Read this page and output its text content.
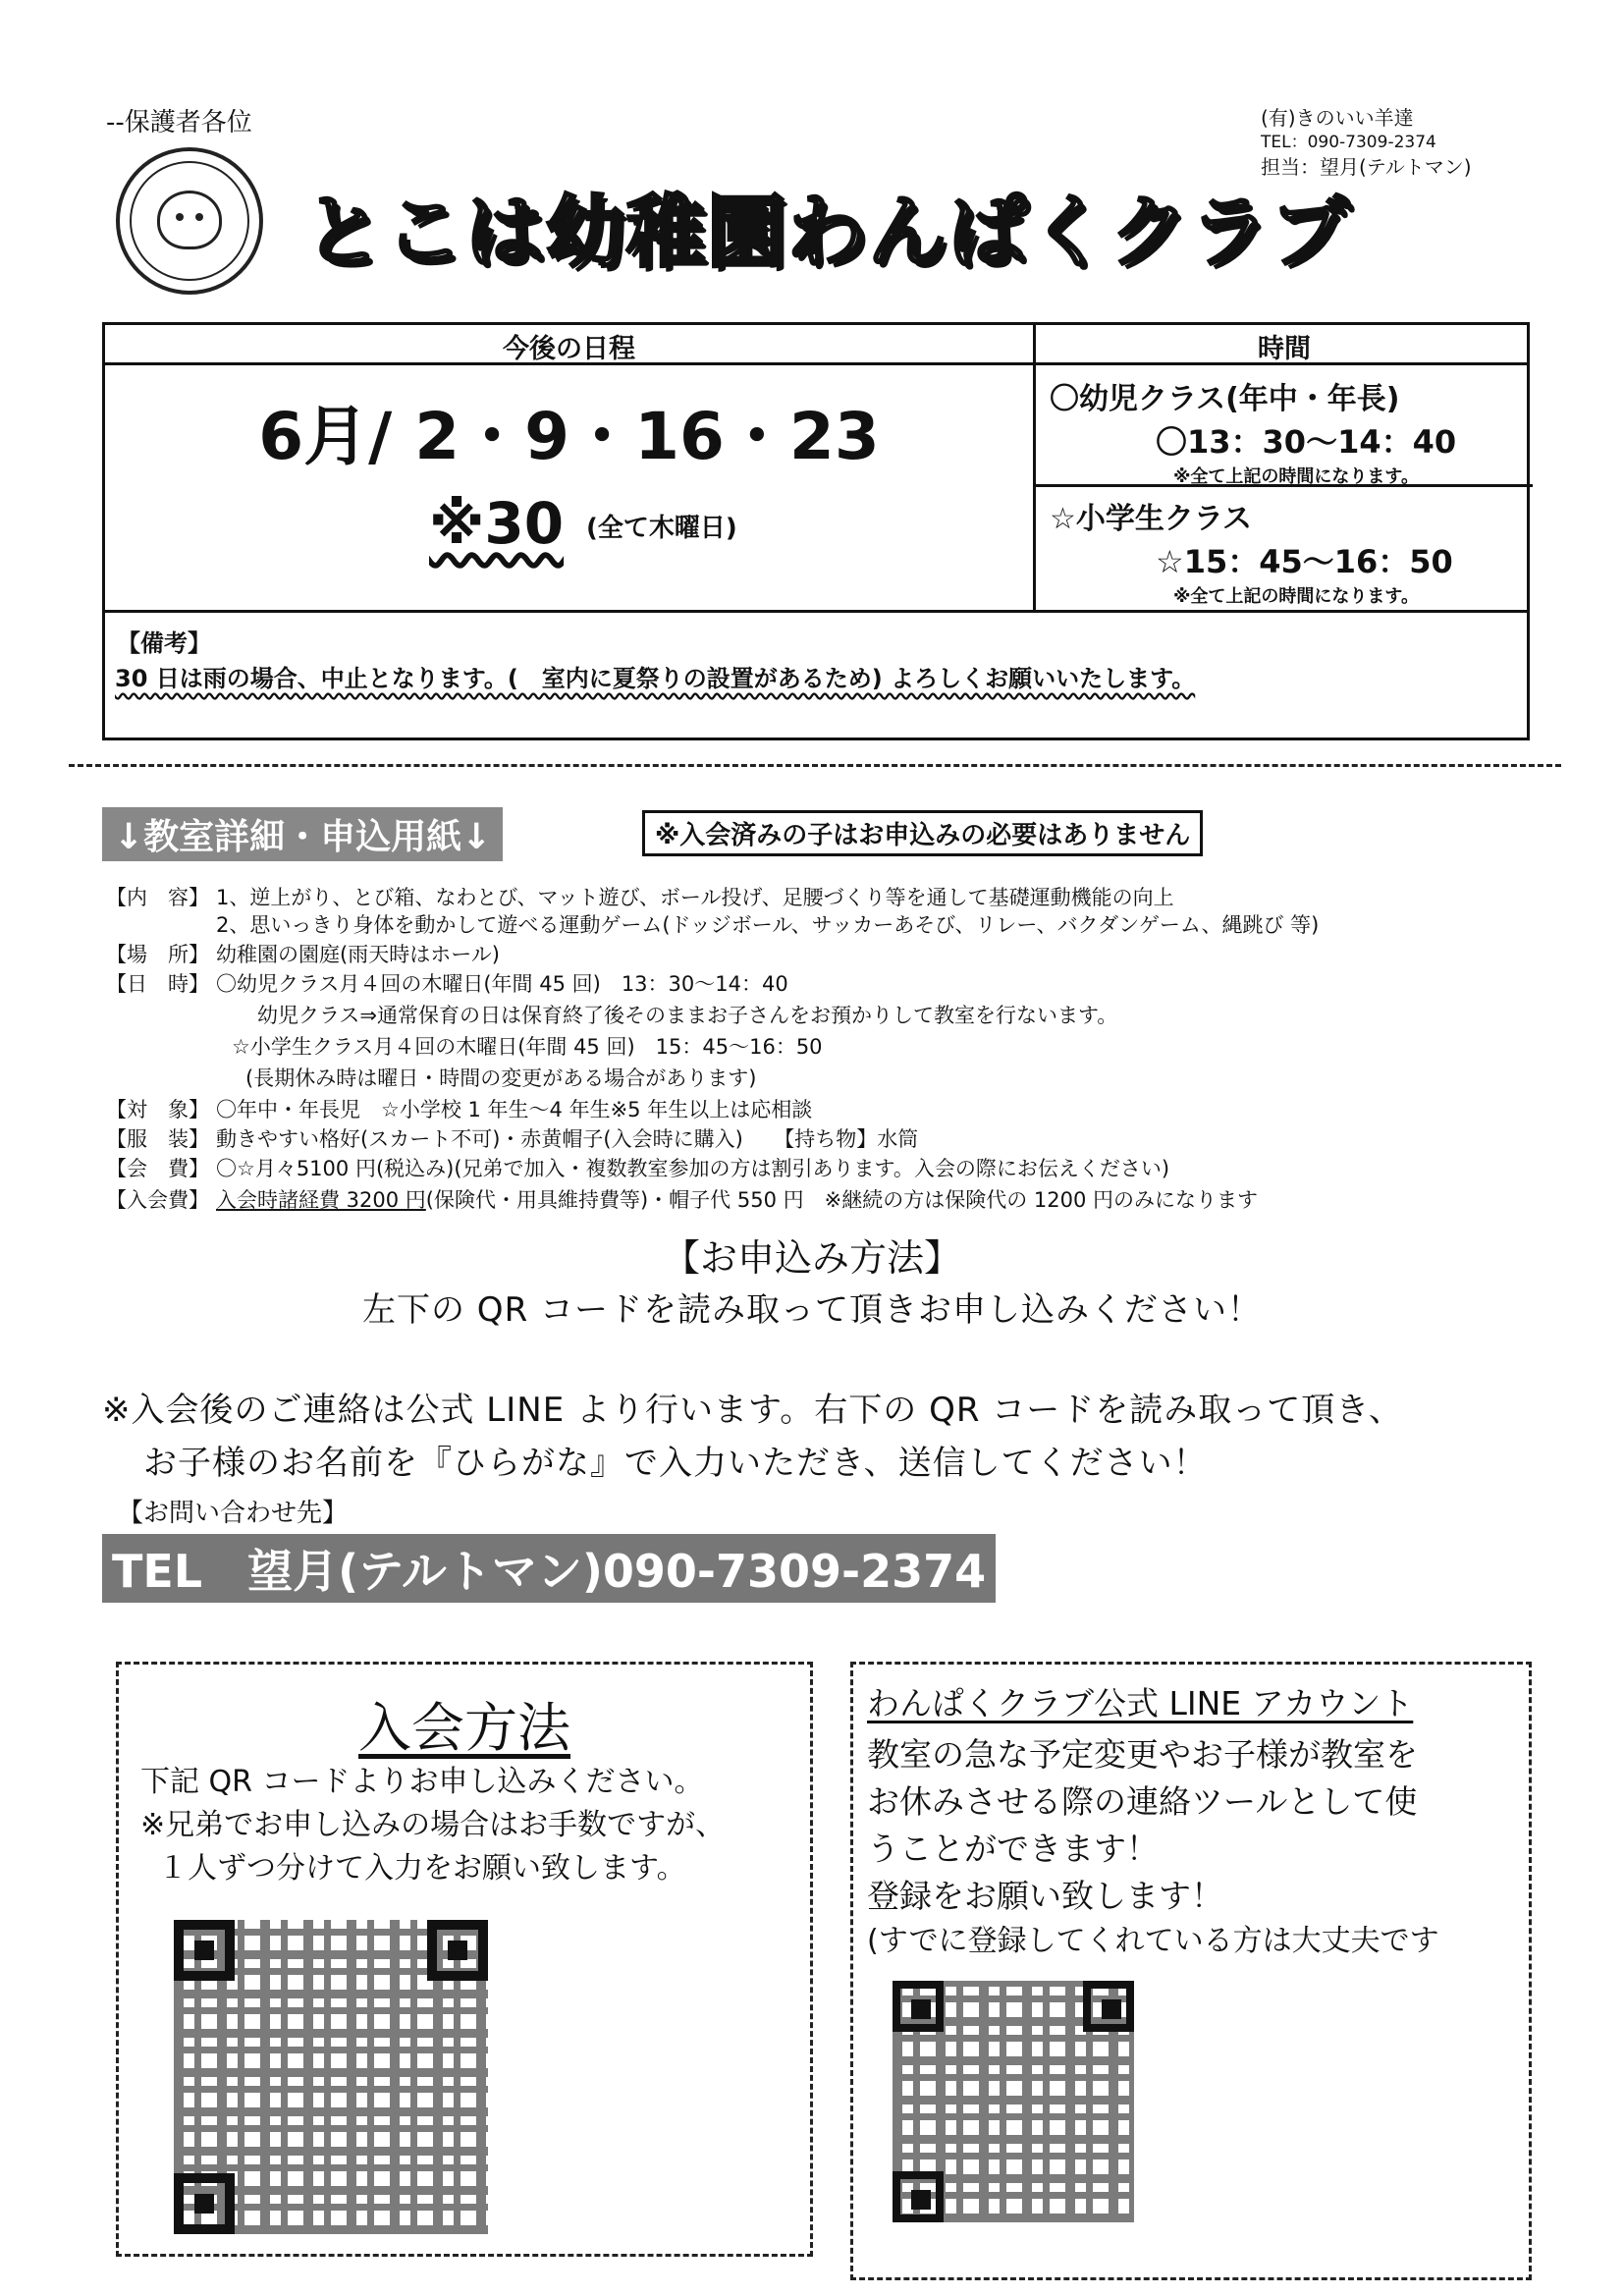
--保護者各位	(有)きのいい羊達
TEL：090-7309-2374
担当：望月(テルトマン)
とこは幼稚園わんぱくクラブ
今後の日程	時間
6月/ 2・9・16・23
※30 (全て木曜日)
〇幼児クラス(年中・年長)
〇13：30〜14：40
※全て上記の時間になります。
☆小学生クラス
☆15：45〜16：50
※全て上記の時間になります。
【備考】
30 日は雨の場合、中止となります。(　室内に夏祭りの設置があるため) よろしくお願いいたします。
↓教室詳細・申込用紙↓	※入会済みの子はお申込みの必要はありません
【内　容】 1、逆上がり、とび箱、なわとび、マット遊び、ボール投げ、足腰づくり等を通して基礎運動機能の向上
2、思いっきり身体を動かして遊べる運動ゲーム(ドッジボール、サッカーあそび、リレー、バクダンゲーム、縄跳び 等)
【場　所】 幼稚園の園庭(雨天時はホール)
【日　時】 〇幼児クラス月４回の木曜日(年間 45 回)　13：30〜14：40
幼児クラス⇒通常保育の日は保育終了後そのままお子さんをお預かりして教室を行ないます。
☆小学生クラス月４回の木曜日(年間 45 回)　15：45〜16：50
(長期休み時は曜日・時間の変更がある場合があります)
【対　象】 〇年中・年長児　☆小学校 1 年生〜4 年生※5 年生以上は応相談
【服　装】 動きやすい格好(スカート不可)・赤黄帽子(入会時に購入)　　【持ち物】水筒
【会　費】 〇☆月々5100 円(税込み)(兄弟で加入・複数教室参加の方は割引あります。入会の際にお伝えください)
【入会費】 入会時諸経費 3200 円(保険代・用具維持費等)・帽子代 550 円　※継続の方は保険代の 1200 円のみになります
【お申込み方法】
左下の QR コードを読み取って頂きお申し込みください！
※入会後のご連絡は公式 LINE より行います。右下の QR コードを読み取って頂き、
お子様のお名前を『ひらがな』で入力いただき、送信してください！
【お問い合わせ先】
TEL　望月(テルトマン)090-7309-2374
入会方法
下記 QR コードよりお申し込みください。
※兄弟でお申し込みの場合はお手数ですが、
１人ずつ分けて入力をお願い致します。
わんぱくクラブ公式 LINE アカウント
教室の急な予定変更やお子様が教室を
お休みさせる際の連絡ツールとして使
うことができます！
登録をお願い致します！
(すでに登録してくれている方は大丈夫です
